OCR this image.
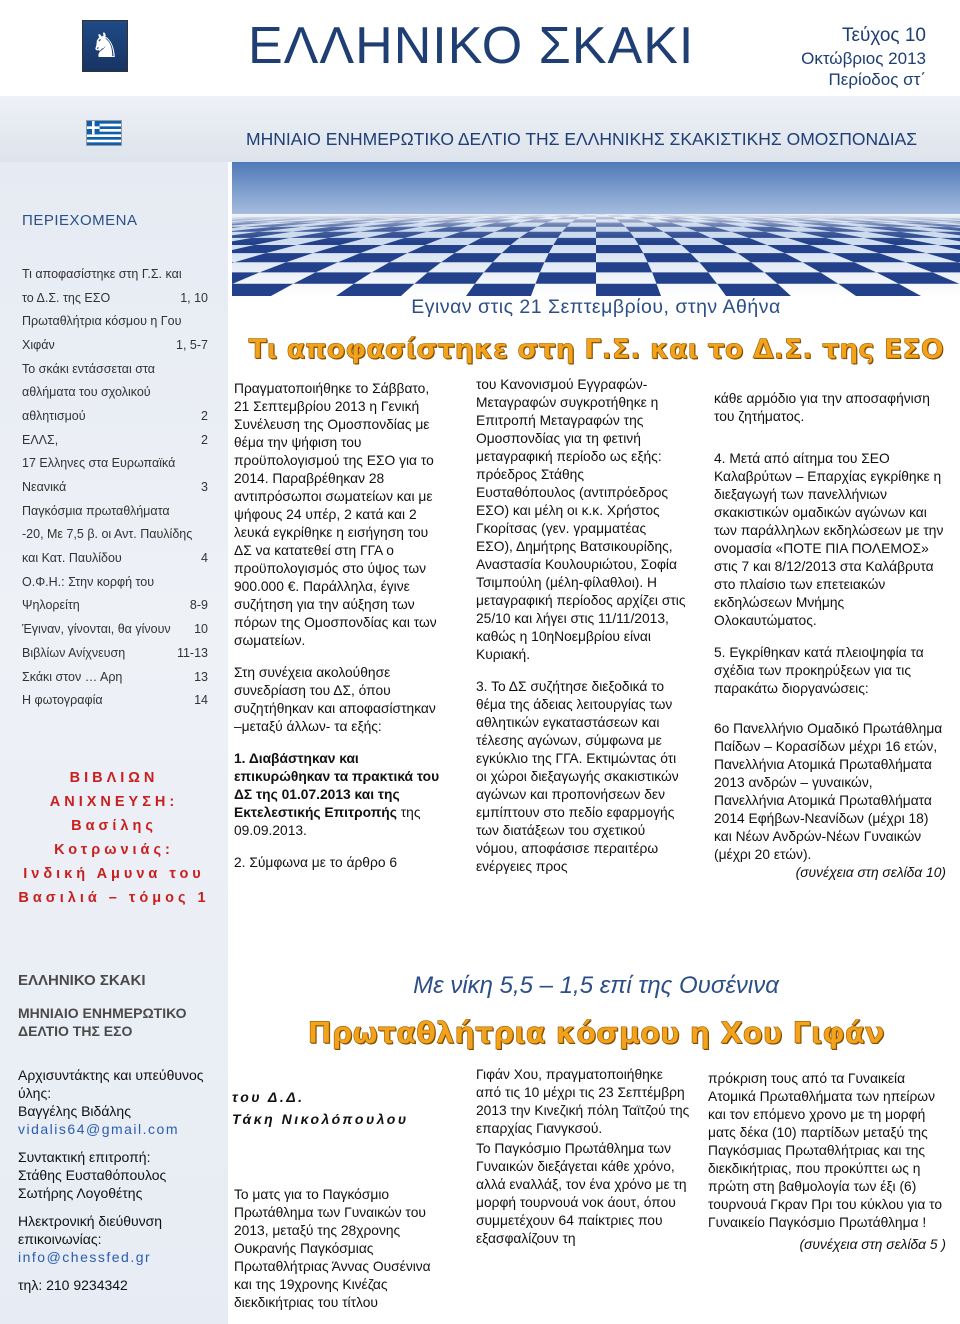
♞ ΕΛΛΗΝΙΚΟ ΣΚΑΚΙ	Τεύχος 10
Οκτώβριος 2013
Περίοδος στ΄
ΜΗΝΙΑΙΟ ΕΝΗΜΕΡΩΤΙΚΟ ΔΕΛΤΙΟ ΤΗΣ ΕΛΛΗΝΙΚΗΣ ΣΚΑΚΙΣΤΙΚΗΣ ΟΜΟΣΠΟΝΔΙΑΣ
ΠΕΡΙΕΧΟΜΕΝΑ
Τι αποφασίστηκε στη Γ.Σ. και
το Δ.Σ. της ΕΣΟ	1, 10
Πρωταθλήτρια κόσμου η Γου
Χιφάν	1, 5-7
Το σκάκι εντάσσεται στα
αθλήματα του σχολικού
αθλητισμού	2
ΕΛΛΣ,	2
17 Ελληνες στα Ευρωπαϊκά
Νεανικά	3
Παγκόσμια πρωταθλήματα
-20, Με 7,5 β. οι Αντ. Παυλίδης
και Κατ. Παυλίδου	4
Ο.Φ.Η.: Στην κορφή του
Ψηλορείτη	8-9
Έγιναν, γίνονται, θα γίνουν 10
Βιβλίων Ανίχνευση	11-13
Σκάκι στον … Αρη	13
Η φωτογραφία	14
ΒΙΒΛΙΩΝ
ΑΝΙΧΝΕΥΣΗ:
Βασίλης
Κοτρωνιάς:
Ινδική Αμυνα του
Βασιλιά – τόμος 1

ΕΛΛΗΝΙΚΟ ΣΚΑΚΙ

ΜΗΝΙΑΙΟ ΕΝΗΜΕΡΩΤΙΚΟ ΔΕΛΤΙΟ ΤΗΣ ΕΣΟ

Αρχισυντάκτης και υπεύθυνος ύλης:
Βαγγέλης Βιδάλης
vidalis64@gmail.com
Συντακτική επιτροπή:
Στάθης Ευσταθόπουλος
Σωτήρης Λογοθέτης
Ηλεκτρονική διεύθυνση επικοινωνίας:
info@chessfed.gr
τηλ: 210 9234342
Εγιναν στις 21 Σεπτεμβρίου, στην Αθήνα
Τι αποφασίστηκε στη Γ.Σ. και το Δ.Σ. της ΕΣΟ

Πραγματοποιήθηκε το Σάββατο, 21 Σεπτεμβρίου 2013 η Γενική Συνέλευση της Ομοσπονδίας με θέμα την ψήφιση του προϋπολογισμού της ΕΣΟ για το 2014. Παραβρέθηκαν 28 αντιπρόσωποι σωματείων και με ψήφους 24 υπέρ, 2 κατά και 2 λευκά εγκρίθηκε η εισήγηση του ΔΣ να κατατεθεί στη ΓΓΑ ο προϋπολογισμός στο ύψος των 900.000 €. Παράλληλα, έγινε συζήτηση για την αύξηση των πόρων της Ομοσπονδίας και των σωματείων.

Στη συνέχεια ακολούθησε συνεδρίαση του ΔΣ, όπου συζητήθηκαν και αποφασίστηκαν –μεταξύ άλλων- τα εξής:

1. Διαβάστηκαν και επικυρώθηκαν τα πρακτικά του ΔΣ της 01.07.2013 και της Εκτελεστικής Επιτροπής της 09.09.2013.

2. Σύμφωνα με το άρθρο 6

του Κανονισμού Εγγραφών-Μεταγραφών συγκροτήθηκε η Επιτροπή Μεταγραφών της Ομοσπονδίας για τη φετινή μεταγραφική περίοδο ως εξής: πρόεδρος Στάθης Ευσταθόπουλος (αντιπρόεδρος ΕΣΟ) και μέλη οι κ.κ. Χρήστος Γκορίτσας (γεν. γραμματέας ΕΣΟ), Δημήτρης Βατσικουρίδης, Αναστασία Κουλουριώτου, Σοφία Τσιμπούλη (μέλη-φίλαθλοι). Η μεταγραφική περίοδος αρχίζει στις 25/10 και λήγει στις 11/11/2013, καθώς η 10ηΝοεμβρίου είναι Κυριακή.

3. Το ΔΣ συζήτησε διεξοδικά το θέμα της άδειας λειτουργίας των αθλητικών εγκαταστάσεων και τέλεσης αγώνων, σύμφωνα με εγκύκλιο της ΓΓΑ. Εκτιμώντας ότι οι χώροι διεξαγωγής σκακιστικών αγώνων και προπονήσεων δεν εμπίπτουν στο πεδίο εφαρμογής των διατάξεων του σχετικού νόμου, αποφάσισε περαιτέρω ενέργειες προς

κάθε αρμόδιο για την αποσαφήνιση του ζητήματος.

4. Μετά από αίτημα του ΣΕΟ Καλαβρύτων – Επαρχίας εγκρίθηκε η διεξαγωγή των πανελλήνιων σκακιστικών ομαδικών αγώνων και των παράλληλων εκδηλώσεων με την ονομασία «ΠΟΤΕ ΠΙΑ ΠΟΛΕΜΟΣ» στις 7 και 8/12/2013 στα Καλάβρυτα στο πλαίσιο των επετειακών εκδηλώσεων Μνήμης Ολοκαυτώματος.

5. Εγκρίθηκαν κατά πλειοψηφία τα σχέδια των προκηρύξεων για τις παρακάτω διοργανώσεις:

6ο Πανελλήνιο Ομαδικό Πρωτάθλημα Παίδων – Κορασίδων μέχρι 16 ετών, Πανελλήνια Ατομικά Πρωταθλήματα 2013 ανδρών – γυναικών, Πανελλήνια Ατομικά Πρωταθλήματα 2014 Εφήβων-Νεανίδων (μέχρι 18) και Νέων Ανδρών-Νέων Γυναικών (μέχρι 20 ετών).

(συνέχεια στη σελίδα 10)

Με νίκη 5,5 – 1,5 επί της Ουσένινα
Πρωταθλήτρια κόσμου η Χου Γιφάν
του Δ.Δ.
Τάκη Νικολόπουλου

Το ματς για το Παγκόσμιο Πρωτάθλημα των Γυναικών του 2013, μεταξύ της 28χρονης Ουκρανής Παγκόσμιας Πρωταθλήτριας Άννας Ουσένινα και της 19χρονης Κινέζας διεκδικήτριας του τίτλου

Γιφάν Χου, πραγματοποιήθηκε από τις 10 μέχρι τις 23 Σεπτέμβρη 2013 την Κινεζική πόλη Ταϊτζού της επαρχίας Γιανγκσού.

Το Παγκόσμιο Πρωτάθλημα των Γυναικών διεξάγεται κάθε χρόνο, αλλά εναλλάξ, τον ένα χρόνο με τη μορφή τουρνουά νοκ άουτ, όπου συμμετέχουν 64 παίκτριες που εξασφαλίζουν τη

πρόκριση τους από τα Γυναικεία Ατομικά Πρωταθλήματα των ηπείρων και τον επόμενο χρονο με τη μορφή ματς δέκα (10) παρτίδων μεταξύ της Παγκόσμιας Πρωταθλήτριας και της διεκδικήτριας, που προκύπτει ως η πρώτη στη βαθμολογία των έξι (6) τουρνουά Γκραν Πρι του κύκλου για το Γυναικείο Παγκόσμιο Πρωτάθλημα !

(συνέχεια στη σελίδα 5 )
